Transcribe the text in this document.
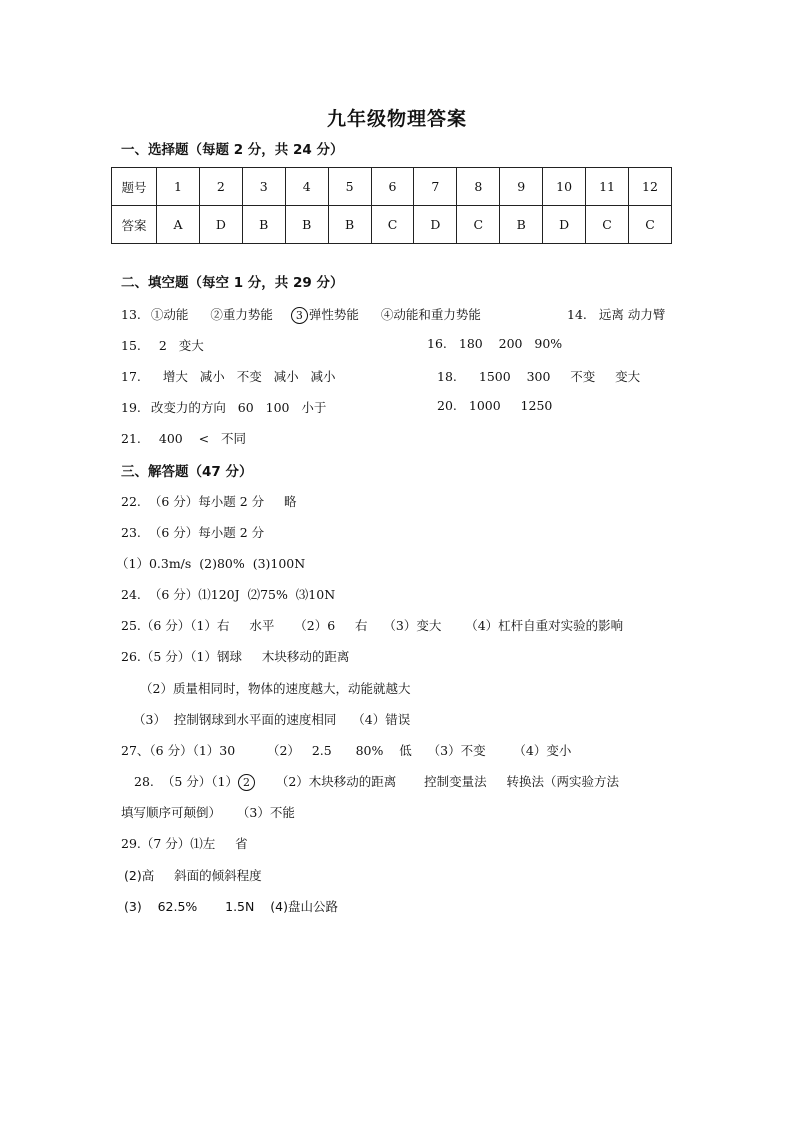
九年级物理答案
一、选择题（每题 2 分，共 24 分）
题号	1	2	3	4	5	6	7	8	9	10	11	12
答案	A	D	B	B	B	C	D	C	B	D	C	C
二、填空题（每空 1 分，共 29 分）
13. ①动能 ②重力势能 3 弹性势能 ④动能和重力势能	14. 远离 动力臂
15. 2   变大	16. 180    200   90%
17. 增大   减小   不变   减小   减小	18. 1500    300     不变     变大
19. 改变力的方向   60   100   小于	20. 1000     1250
21. 400    <   不同
三、解答题（47 分）
22.  （6 分）每小题 2 分     略
23.  （6 分）每小题 2 分
（1）0.3m/s  (2)80%  (3)100N
24.  （6 分）⑴120J  ⑵75%  ⑶10N
25.（6 分）（1）右     水平     （2）6     右    （3）变大      （4）杠杆自重对实验的影响
26.（5 分）（1）钢球     木块移动的距离
（2）质量相同时，物体的速度越大，动能就越大
（3）  控制钢球到水平面的速度相同    （4）错误
27、（6 分）（1）30        （2）   2.5      80%    低    （3）不变       （4）变小
28.  （5 分）（1） 2     （2）木块移动的距离       控制变量法     转换法（两实验方法
填写顺序可颠倒）    （3）不能
29.（7 分）⑴左     省
(2)高     斜面的倾斜程度
(3)    62.5%       1.5N    (4)盘山公路
